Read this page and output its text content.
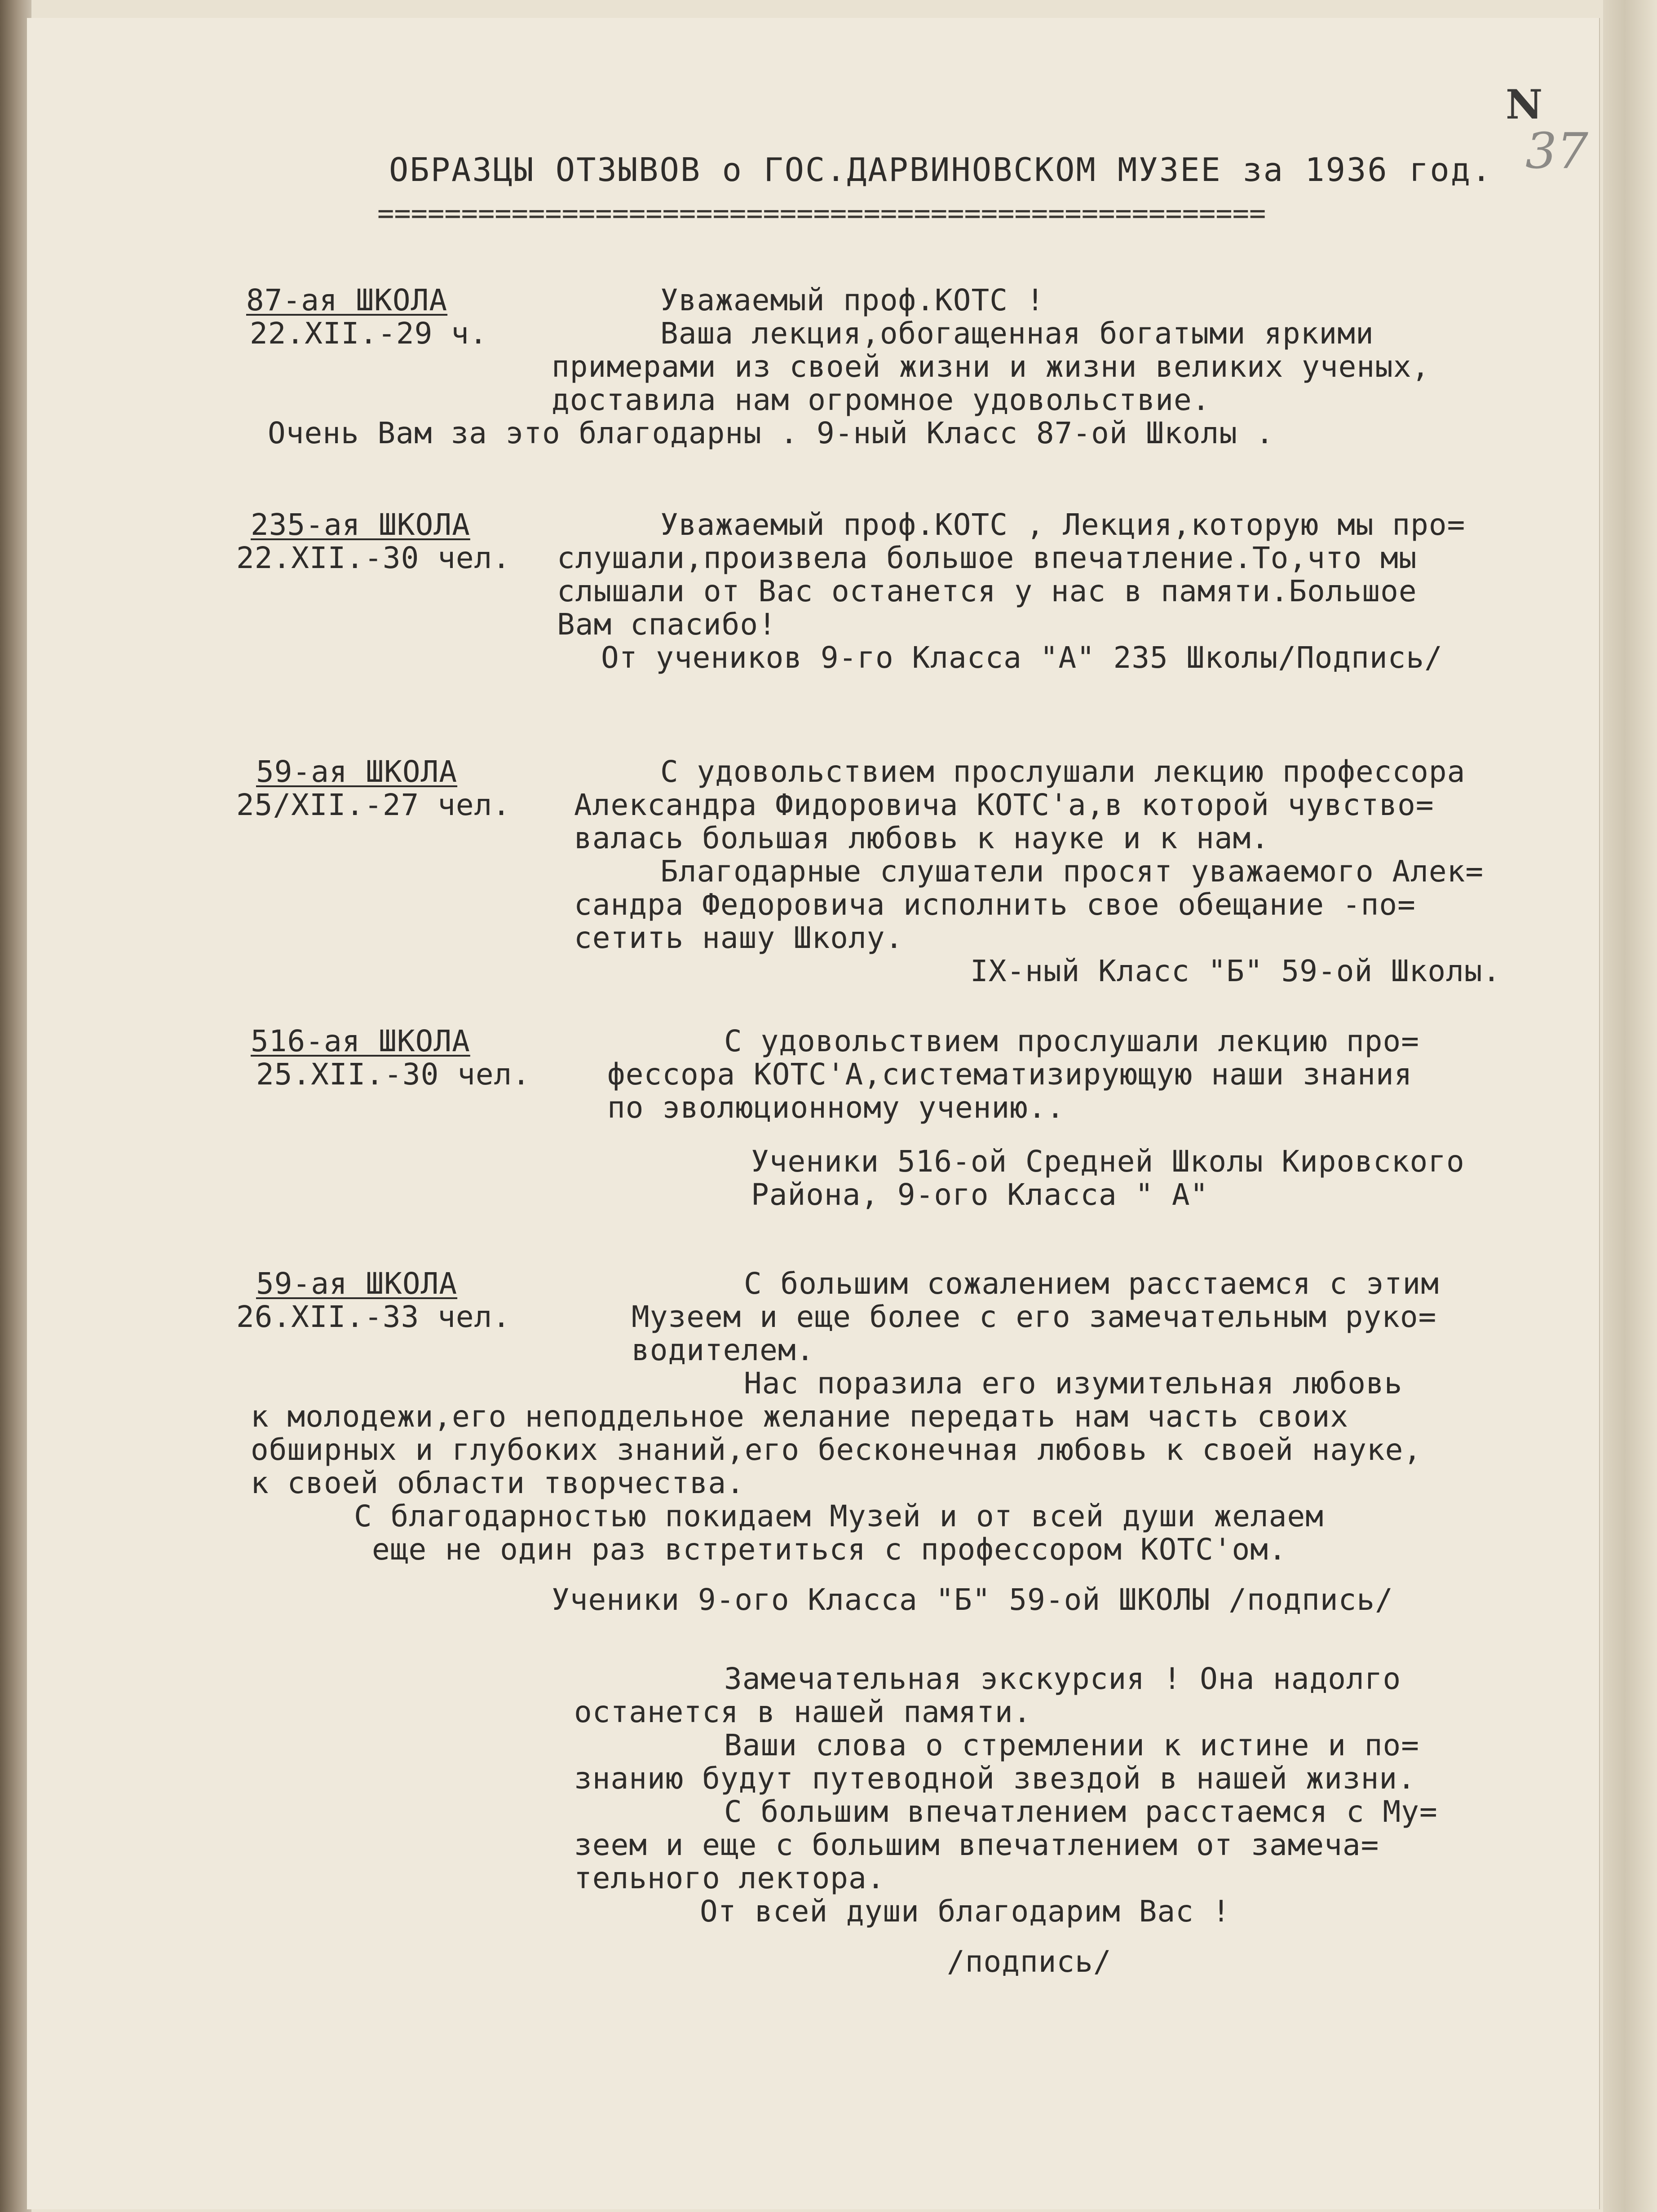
N
37
ОБРАЗЦЫ ОТЗЫВОВ о ГОС.ДАРВИНОВСКОМ МУЗЕЕ за 1936 год.
=====================================================
87-ая ШКОЛА
22.XII.-29 ч.
Уважаемый проф.КОТС !
Ваша лекция,обогащенная богатыми яркими
примерами из своей жизни и жизни великих ученых,
доставила нам огромное удовольствие.
Очень Вам за это благодарны . 9-ный Класс 87-ой Школы .
235-ая ШКОЛА
22.XII.-30 чел.
Уважаемый проф.КОТС , Лекция,которую мы про=
слушали,произвела большое впечатление.То,что мы
слышали от Вас останется у нас в памяти.Большое
Вам спасибо!
От учеников 9-го Класса "А" 235 Школы/Подпись/
59-ая ШКОЛА
25/XII.-27 чел.
С удовольствием прослушали лекцию профессора
Александра Фидоровича КОТС'а,в которой чувство=
валась большая любовь к науке и к нам.
Благодарные слушатели просят уважаемого Алек=
сандра Федоровича исполнить свое обещание -по=
сетить нашу Школу.
IX-ный Класс "Б" 59-ой Школы.
516-ая ШКОЛА
25.XII.-30 чел.
С удовольствием прослушали лекцию про=
фессора КОТС'А,систематизирующую наши знания
по эволюционному учению..
Ученики 516-ой Средней Школы Кировского
Района, 9-ого Класса " А"
59-ая ШКОЛА
26.XII.-33 чел.
С большим сожалением расстаемся с этим
Музеем и еще более с его замечательным руко=
водителем.
Нас поразила его изумительная любовь
к молодежи,его неподдельное желание передать нам часть своих
обширных и глубоких знаний,его бесконечная любовь к своей науке,
к своей области творчества.
С благодарностью покидаем Музей и от всей души желаем
еще не один раз встретиться с профессором КОТС'ом.
Ученики 9-ого Класса "Б" 59-ой ШКОЛЫ /подпись/
Замечательная экскурсия ! Она надолго
останется в нашей памяти.
Ваши слова о стремлении к истине и по=
знанию будут путеводной звездой в нашей жизни.
С большим впечатлением расстаемся с Му=
зеем и еще с большим впечатлением от замеча=
тельного лектора.
От всей души благодарим Вас !
/подпись/
